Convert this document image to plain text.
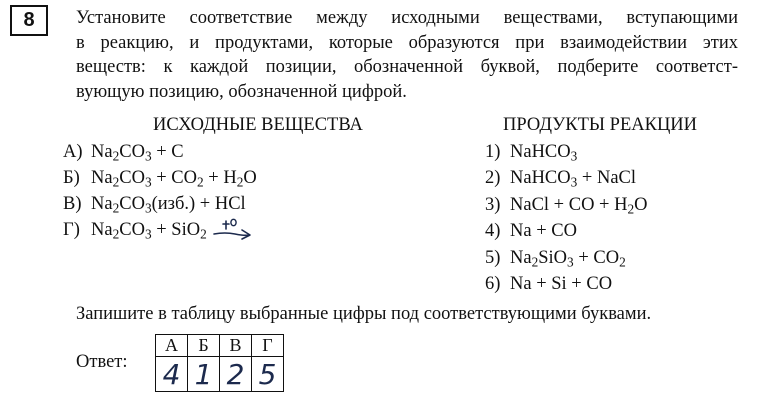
8 Установите соответствие между исходными веществами, вступающими
в реакцию, и продуктами, которые образуются при взаимодействии этих
веществ: к каждой позиции, обозначенной буквой, подберите соответст-
вующую позицию, обозначенной цифрой.
ИСХОДНЫЕ ВЕЩЕСТВА	ПРОДУКТЫ РЕАКЦИИ
А) $Na_2CO_3 + C$
Б) $Na_2CO_3 + CO_2 + H_2O$
В) $Na_2CO_3(изб.)$ + HCl
Г) $Na_2CO_3 + SiO_2$
1) NaHCO$_3$
2) NaHCO$_3$ + NaCl
3) NaCl + CO + $H_2O$
4) Na + CO
5) $Na_2SiO_3 + CO_2$
6) Na + Si + CO
Запишите в таблицу выбранные цифры под соответствующими буквами.
Ответ:
А	Б	В	Г
4	1	2	5
